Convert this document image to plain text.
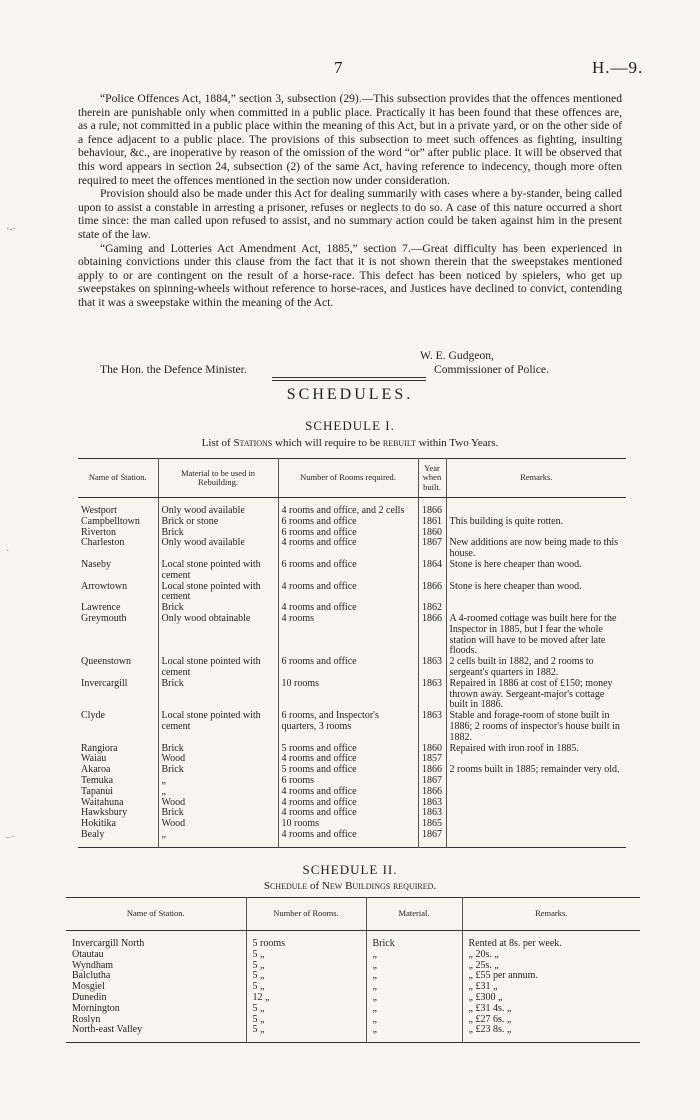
7	H.—9.
·-·
·
–·

“Police Offences Act, 1884,” section 3, subsection (29).—This subsection provides that the offences mentioned therein are punishable only when committed in a public place. Practically it has been found that these offences are, as a rule, not committed in a public place within the meaning of this Act, but in a private yard, or on the other side of a fence adjacent to a public place. The provisions of this subsection to meet such offences as fighting, insulting behaviour, &c., are inoperative by reason of the omission of the word “or” after public place. It will be observed that this word appears in section 24, subsection (2) of the same Act, having reference to indecency, though more often required to meet the offences mentioned in the section now under consideration.

Provision should also be made under this Act for dealing summarily with cases where a by-stander, being called upon to assist a constable in arresting a prisoner, refuses or neglects to do so. A case of this nature occurred a short time since: the man called upon refused to assist, and no summary action could be taken against him in the present state of the law.

“Gaming and Lotteries Act Amendment Act, 1885,” section 7.—Great difficulty has been experienced in obtaining convictions under this clause from the fact that it is not shown therein that the sweepstakes mentioned apply to or are contingent on the result of a horse-race. This defect has been noticed by spielers, who get up sweepstakes on spinning-wheels without reference to horse-races, and Justices have declined to convict, contending that it was a sweepstake within the meaning of the Act.

W. E. Gudgeon,
The Hon. the Defence Minister.	Commissioner of Police.
SCHEDULES.
SCHEDULE I.
List of Stations which will require to be rebuilt within Two Years.
Name of Station.	Material to be used in Rebuilding.	Number of Rooms required.	Year when built.	Remarks.
Westport	Only wood available	4 rooms and office, and 2 cells	1866	
Campbelltown	Brick or stone	6 rooms and office	1861	This building is quite rotten.
Riverton	Brick	6 rooms and office	1860	
Charleston	Only wood available	4 rooms and office	1867	New additions are now being made to this house.
Naseby	Local stone pointed with cement	6 rooms and office	1864	Stone is here cheaper than wood.
Arrowtown	Local stone pointed with cement	4 rooms and office	1866	Stone is here cheaper than wood.
Lawrence	Brick	4 rooms and office	1862	
Greymouth	Only wood obtainable	4 rooms	1866	A 4-roomed cottage was built here for the Inspector in 1885, but I fear the whole station will have to be moved after late floods.
Queenstown	Local stone pointed with cement	6 rooms and office	1863	2 cells built in 1882, and 2 rooms to sergeant's quarters in 1882.
Invercargill	Brick	10 rooms	1863	Repaired in 1886 at cost of £150; money thrown away. Sergeant-major's cottage built in 1886.
Clyde	Local stone pointed with cement	6 rooms, and Inspector's quarters, 3 rooms	1863	Stable and forage-room of stone built in 1886; 2 rooms of inspector's house built in 1882.
Rangiora	Brick	5 rooms and office	1860	Repaired with iron roof in 1885.
Waiau	Wood	4 rooms and office	1857	
Akaroa	Brick	5 rooms and office	1866	2 rooms built in 1885; remainder very old.
Temuka	„	6 rooms	1867	
Tapanui	„	4 rooms and office	1866	
Waitahuna	Wood	4 rooms and office	1863	
Hawksbury	Brick	4 rooms and office	1863	
Hokitika	Wood	10 rooms	1865	
Bealy	„	4 rooms and office	1867	
SCHEDULE II.
Schedule of New Buildings required.
Name of Station.	Number of Rooms.	Material.	Remarks.
Invercargill North	5 rooms	Brick	Rented at 8s. per week.
Otautau	5 „	„	„ 20s. „
Wyndham	5 „	„	„ 25s. „
Balclutha	5 „	„	„ £55 per annum.
Mosgiel	5 „	„	„ £31 „
Dunedin	12 „	„	„ £300 „
Mornington	5 „	„	„ £31 4s. „
Roslyn	5 „	„	„ £27 6s. „
North-east Valley	5 „	„	„ £23 8s. „
